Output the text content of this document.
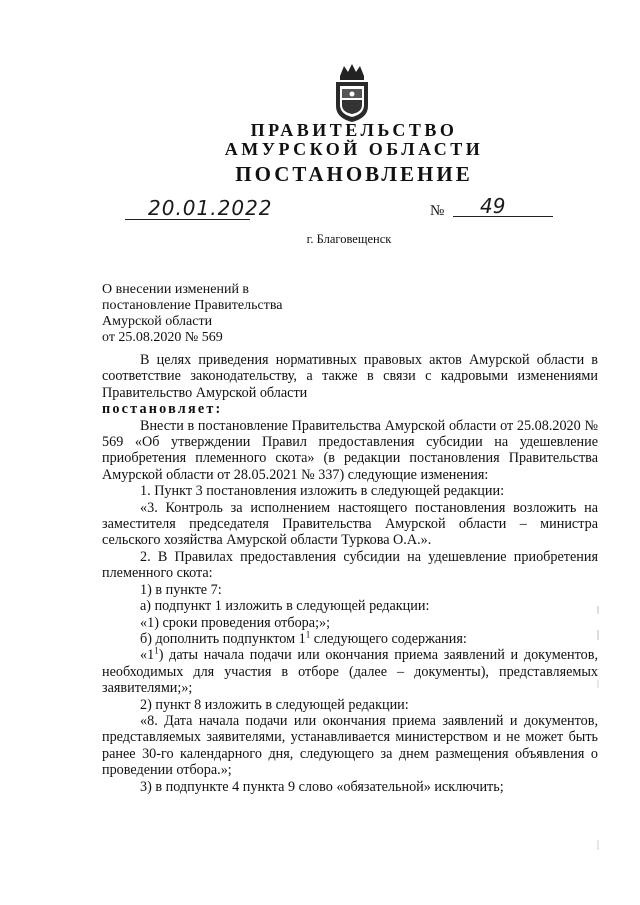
ПРАВИТЕЛЬСТВО

АМУРСКОЙ ОБЛАСТИ

ПОСТАНОВЛЕНИЕ

20.01.2022	№ 49
г. Благовещенск
О внесении изменений в
постановление Правительства
Амурской области
от 25.08.2020 № 569

В целях приведения нормативных правовых актов Амурской области в соответствие законодательству, а также в связи с кадровыми изменениями Правительство Амурской области

постановляет:

Внести в постановление Правительства Амурской области от 25.08.2020 № 569 «Об утверждении Правил предоставления субсидии на удешевление приобретения племенного скота» (в редакции постановления Правительства Амурской области от 28.05.2021 № 337) следующие изменения:

1. Пункт 3 постановления изложить в следующей редакции:

«3. Контроль за исполнением настоящего постановления возложить на заместителя председателя Правительства Амурской области – министра сельского хозяйства Амурской области Туркова О.А.».

2. В Правилах предоставления субсидии на удешевление приобретения племенного скота:

1) в пункте 7:

а) подпункт 1 изложить в следующей редакции:

«1) сроки проведения отбора;»;

б) дополнить подпунктом $1^1$ следующего содержания:

«$1^1$) даты начала подачи или окончания приема заявлений и документов, необходимых для участия в отборе (далее – документы), представляемых заявителями;»;

2) пункт 8 изложить в следующей редакции:

«8. Дата начала подачи или окончания приема заявлений и документов, представляемых заявителями, устанавливается министерством и не может быть ранее 30-го календарного дня, следующего за днем размещения объявления о проведении отбора.»;

3) в подпункте 4 пункта 9 слово «обязательной» исключить;
